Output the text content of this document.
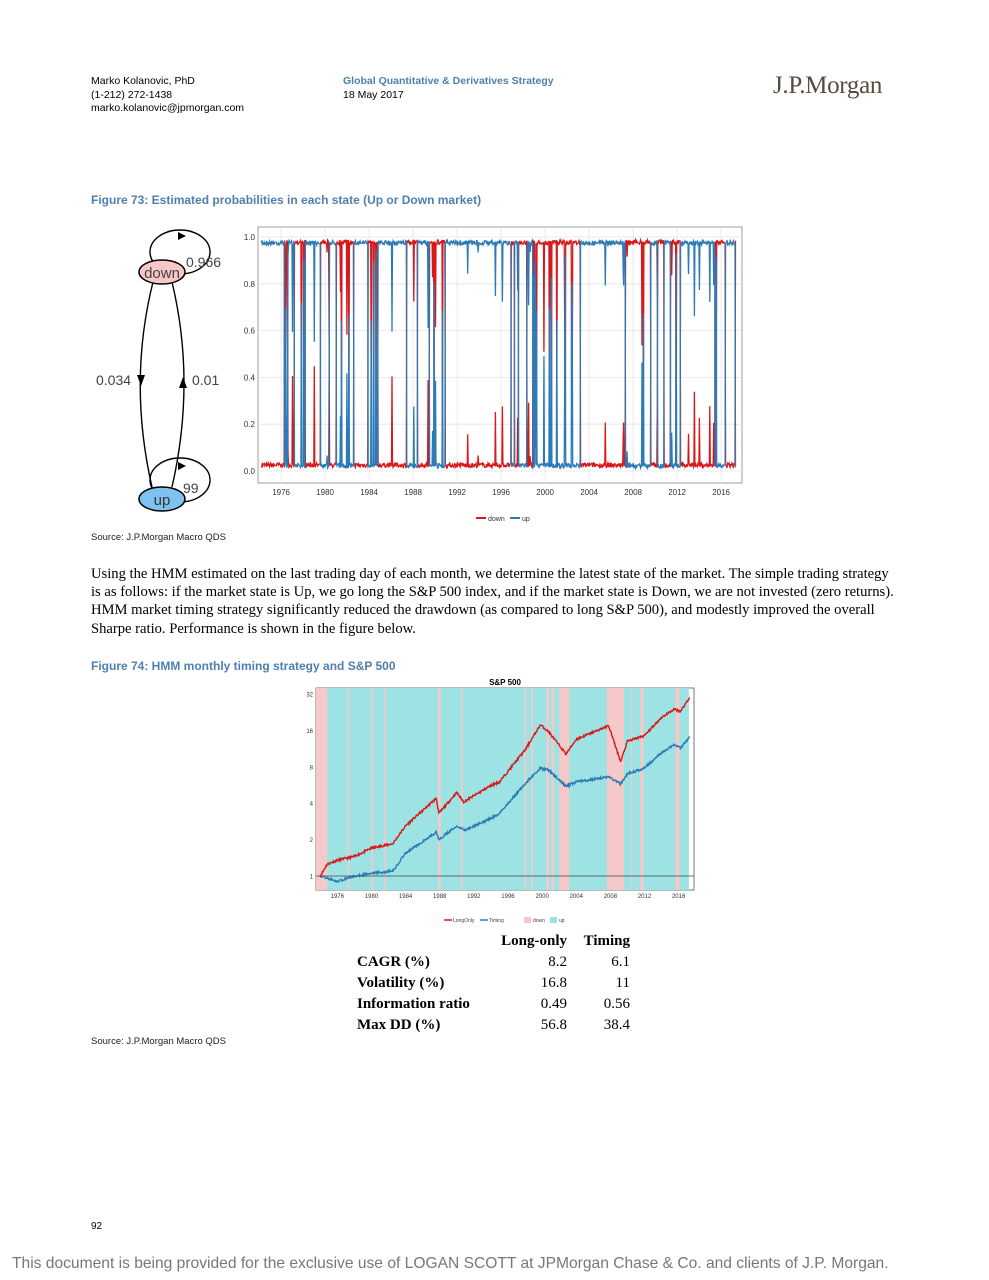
Marko Kolanovic, PhD
(1-212) 272-1438
marko.kolanovic@jpmorgan.com
Global Quantitative & Derivatives Strategy
18 May 2017	J.P.Morgan
Figure 73: Estimated probabilities in each state (Up or Down market)
down
0.966
up
99
0.034	0.01
0.0
0.2
0.4
0.6
0.8
1.0
1976	1980	1984	1988	1992	1996	2000	2004	2008	2012	2016
down up
Source: J.P.Morgan Macro QDS
Using the HMM estimated on the last trading day of each month, we determine the latest state of the market. The simple trading strategy is as follows: if the market state is Up, we go long the S&P 500 index, and if the market state is Down, we are not invested (zero returns). HMM market timing strategy significantly reduced the drawdown (as compared to long S&P 500), and modestly improved the overall Sharpe ratio. Performance is shown in the figure below.
Figure 74: HMM monthly timing strategy and S&P 500
S&P 500
1
2
4
8
16
32
1976	1980	1984	1988	1992	1996	2000	2004	2008	2012	2016
LongOnly	Timing	down	up
	Long-only	Timing
CAGR (%)	8.2	6.1
Volatility (%)	16.8	11
Information ratio	0.49	0.56
Max DD (%)	56.8	38.4
Source: J.P.Morgan Macro QDS
92
This document is being provided for the exclusive use of LOGAN SCOTT at JPMorgan Chase & Co. and clients of J.P. Morgan.
